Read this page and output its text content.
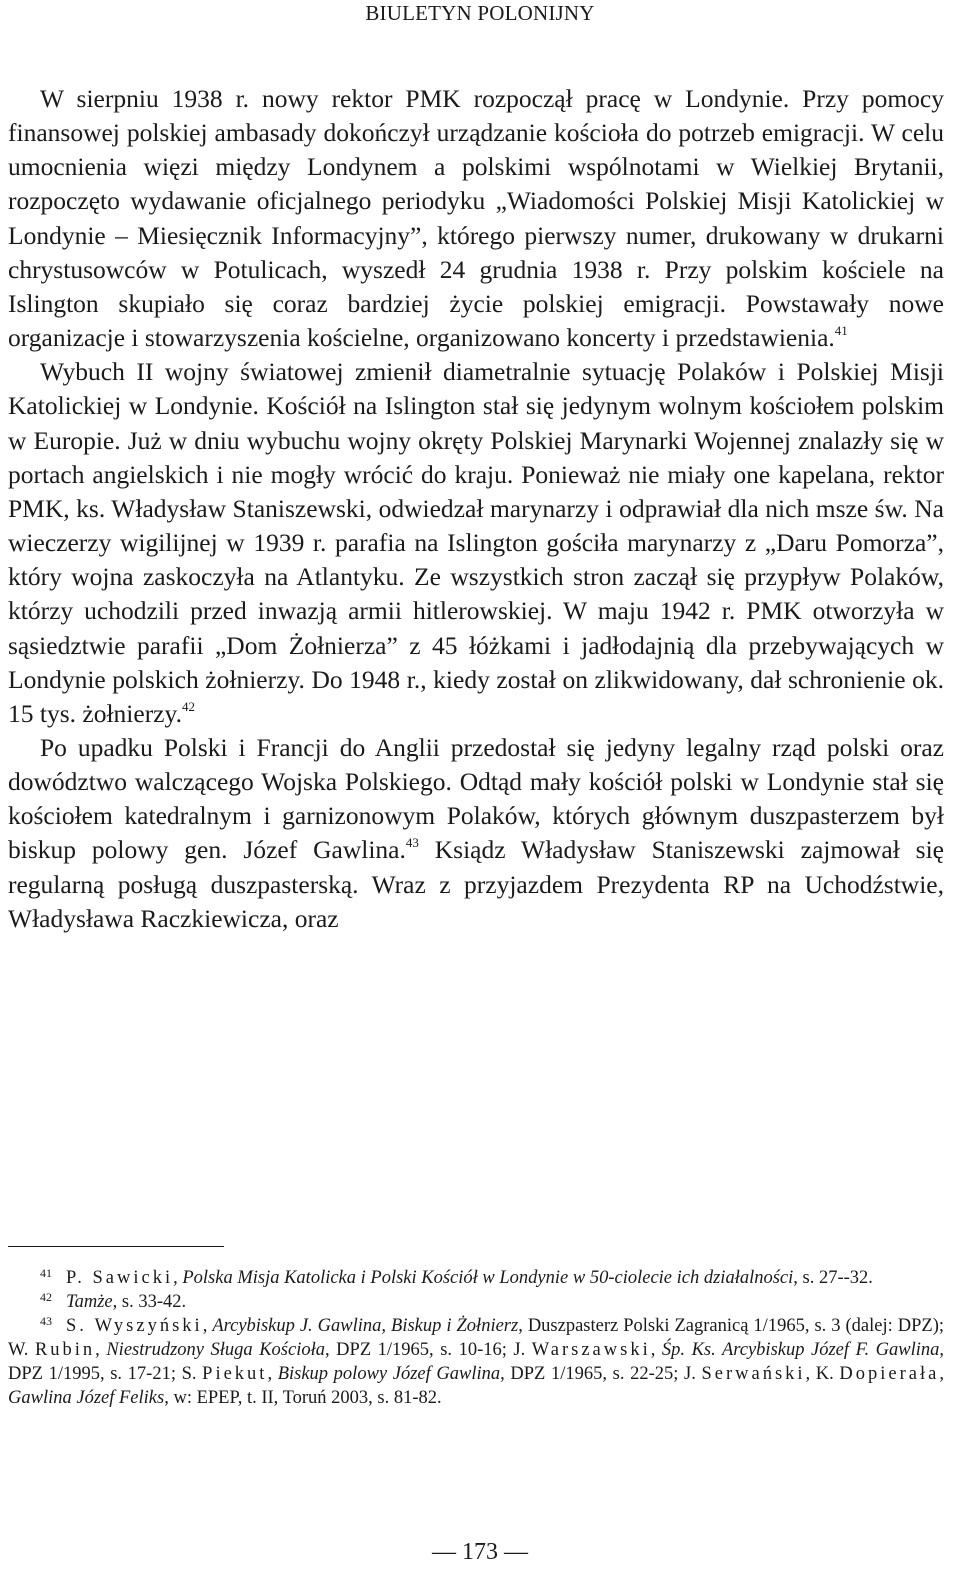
BIULETYN POLONIJNY

W sierpniu 1938 r. nowy rektor PMK rozpoczął pracę w Londynie. Przy pomocy finansowej polskiej ambasady dokończył urządzanie kościoła do potrzeb emigracji. W celu umocnienia więzi między Londynem a polskimi wspólnotami w Wielkiej Brytanii, rozpoczęto wydawanie oficjalnego periodyku „Wiadomości Polskiej Misji Katolickiej w Londynie – Miesięcznik Informacyjny”, którego pierwszy numer, drukowany w drukarni chrystusowców w Potulicach, wyszedł 24 grudnia 1938 r. Przy polskim kościele na Islington skupiało się coraz bardziej życie polskiej emigracji. Powstawały nowe organizacje i stowarzyszenia kościelne, organizowano koncerty i przedstawienia.$^{41}$

Wybuch II wojny światowej zmienił diametralnie sytuację Polaków i Polskiej Misji Katolickiej w Londynie. Kościół na Islington stał się jedynym wolnym kościołem polskim w Europie. Już w dniu wybuchu wojny okręty Polskiej Marynarki Wojennej znalazły się w portach angielskich i nie mogły wrócić do kraju. Ponieważ nie miały one kapelana, rektor PMK, ks. Władysław Staniszewski, odwiedzał marynarzy i odprawiał dla nich msze św. Na wieczerzy wigilijnej w 1939 r. parafia na Islington gościła marynarzy z „Daru Pomorza”, który wojna zaskoczyła na Atlantyku. Ze wszystkich stron zaczął się przypływ Polaków, którzy uchodzili przed inwazją armii hitlerowskiej. W maju 1942 r. PMK otworzyła w sąsiedztwie parafii „Dom Żołnierza” z 45 łóżkami i jadłodajnią dla przebywających w Londynie polskich żołnierzy. Do 1948 r., kiedy został on zlikwidowany, dał schronienie ok. 15 tys. żołnierzy.$^{42}$

Po upadku Polski i Francji do Anglii przedostał się jedyny legalny rząd polski oraz dowództwo walczącego Wojska Polskiego. Odtąd mały kościół polski w Londynie stał się kościołem katedralnym i garnizonowym Polaków, których głównym duszpasterzem był biskup polowy gen. Józef Gawlina.$^{43}$ Ksiądz Władysław Staniszewski zajmował się regularną posługą duszpasterską. Wraz z przyjazdem Prezydenta RP na Uchodźstwie, Władysława Raczkiewicza, oraz

$^{41}$ P. Sawicki, Polska Misja Katolicka i Polski Kościół w Londynie w 50-ciolecie ich działalności, s. 27--32.

$^{42}$ Tamże, s. 33-42.

$^{43}$ S. Wyszyński, Arcybiskup J. Gawlina, Biskup i Żołnierz, Duszpasterz Polski Zagranicą 1/1965, s. 3 (dalej: DPZ); W. Rubin, Niestrudzony Sługa Kościoła, DPZ 1/1965, s. 10-16; J. Warszawski, Śp. Ks. Arcybiskup Józef F. Gawlina, DPZ 1/1995, s. 17-21; S. Piekut, Biskup polowy Józef Gawlina, DPZ 1/1965, s. 22-25; J. Serwański, K. Dopierała, Gawlina Józef Feliks, w: EPEP, t. II, Toruń 2003, s. 81-82.

— 173 —
